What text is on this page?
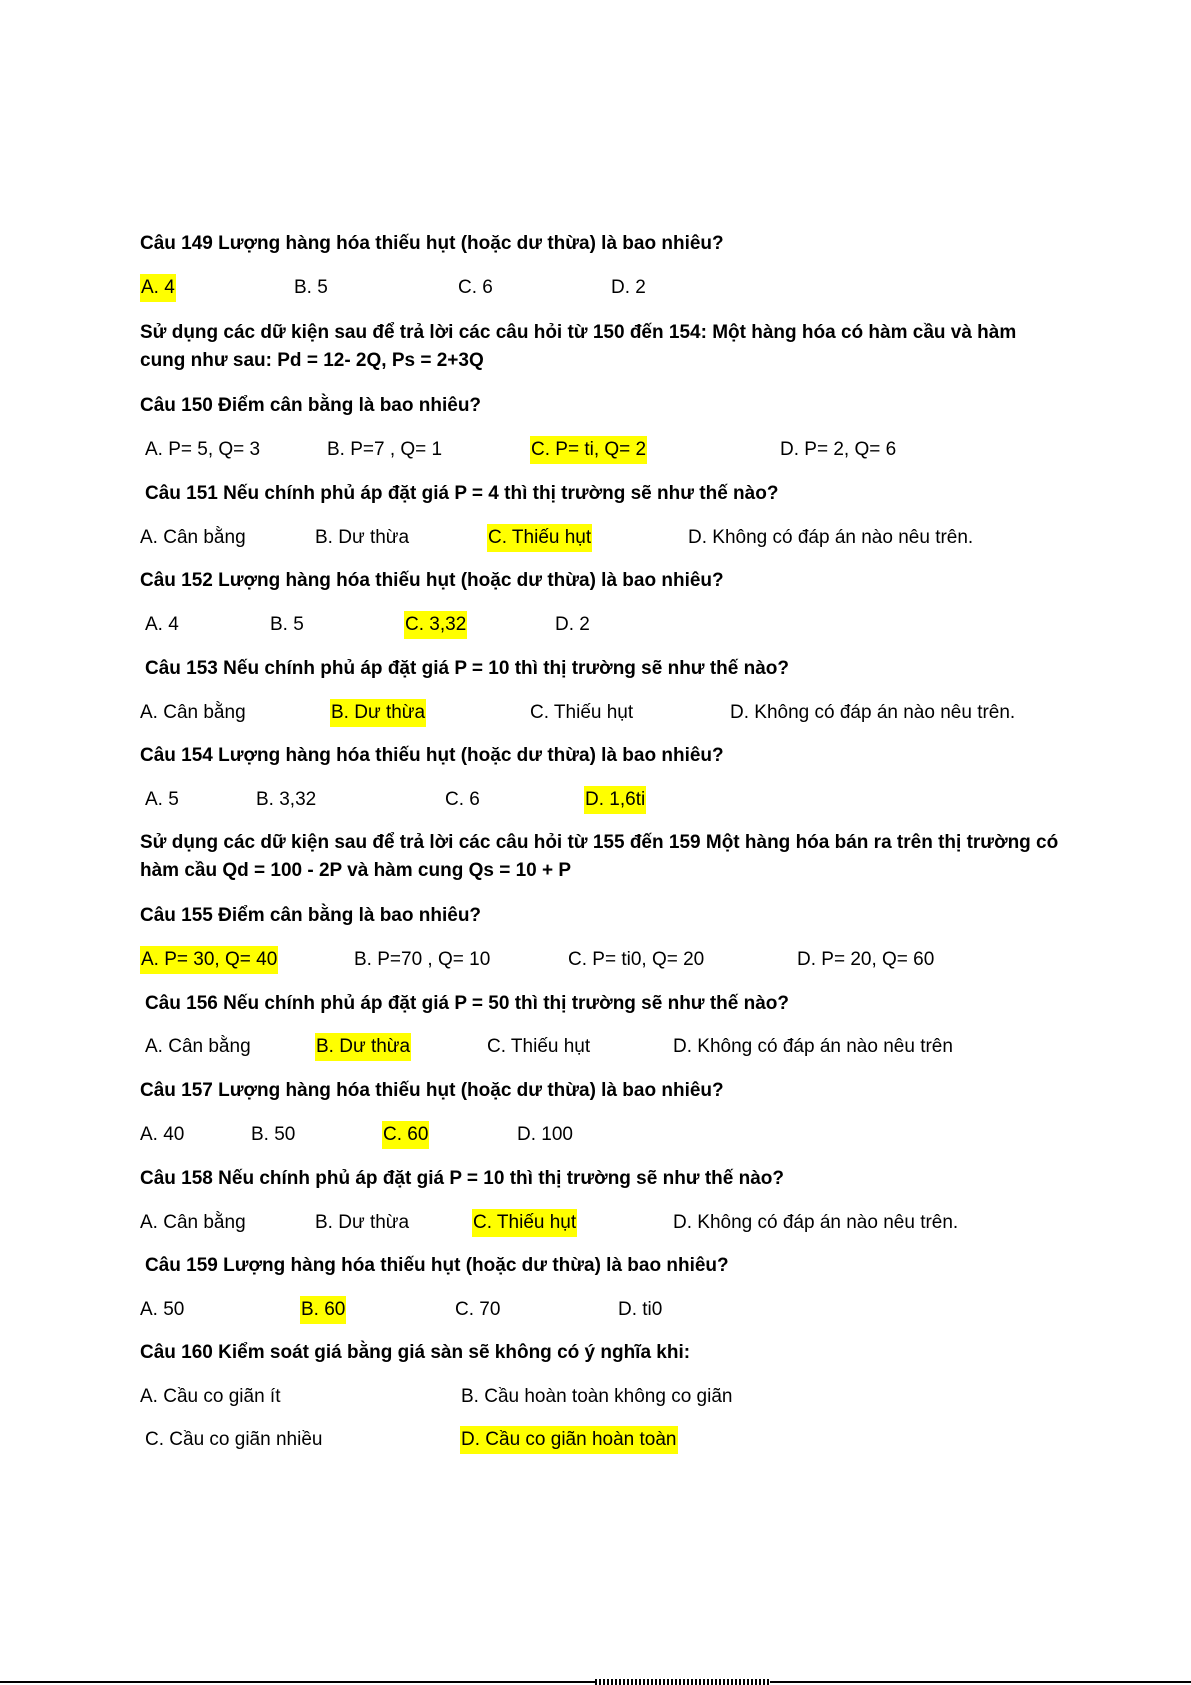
Câu 149 Lượng hàng hóa thiếu hụt (hoặc dư thừa) là bao nhiêu?
A. 4	B. 5	C. 6	D. 2
Sử dụng các dữ kiện sau để trả lời các câu hỏi từ 150 đến 154: Một hàng hóa có hàm cầu và hàm cung như sau: Pd = 12- 2Q, Ps = 2+3Q
Câu 150 Điểm cân bằng là bao nhiêu?
A. P= 5, Q= 3	B. P=7 , Q= 1	C. P= ti, Q= 2	D. P= 2, Q= 6
Câu 151 Nếu chính phủ áp đặt giá P = 4 thì thị trường sẽ như thế nào?
A. Cân bằng	B. Dư thừa	C. Thiếu hụt	D. Không có đáp án nào nêu trên.
Câu 152 Lượng hàng hóa thiếu hụt (hoặc dư thừa) là bao nhiêu?
A. 4	B. 5	C. 3,32	D. 2
Câu 153 Nếu chính phủ áp đặt giá P = 10 thì thị trường sẽ như thế nào?
A. Cân bằng	B. Dư thừa	C. Thiếu hụt	D. Không có đáp án nào nêu trên.
Câu 154 Lượng hàng hóa thiếu hụt (hoặc dư thừa) là bao nhiêu?
A. 5	B. 3,32	C. 6	D. 1,6ti
Sử dụng các dữ kiện sau để trả lời các câu hỏi từ 155 đến 159 Một hàng hóa bán ra trên thị trường có hàm cầu Qd = 100 - 2P và hàm cung Qs = 10 + P
Câu 155 Điểm cân bằng là bao nhiêu?
A. P= 30, Q= 40	B. P=70 , Q= 10	C. P= ti0, Q= 20	D. P= 20, Q= 60
Câu 156 Nếu chính phủ áp đặt giá P = 50 thì thị trường sẽ như thế nào?
A. Cân bằng	B. Dư thừa	C. Thiếu hụt	D. Không có đáp án nào nêu trên
Câu 157 Lượng hàng hóa thiếu hụt (hoặc dư thừa) là bao nhiêu?
A. 40	B. 50	C. 60	D. 100
Câu 158 Nếu chính phủ áp đặt giá P = 10 thì thị trường sẽ như thế nào?
A. Cân bằng	B. Dư thừa	C. Thiếu hụt	D. Không có đáp án nào nêu trên.
Câu 159 Lượng hàng hóa thiếu hụt (hoặc dư thừa) là bao nhiêu?
A. 50	B. 60	C. 70	D. ti0
Câu 160 Kiểm soát giá bằng giá sàn sẽ không có ý nghĩa khi:
A. Cầu co giãn ít	B. Cầu hoàn toàn không co giãn
C. Cầu co giãn nhiều	D. Cầu co giãn hoàn toàn
